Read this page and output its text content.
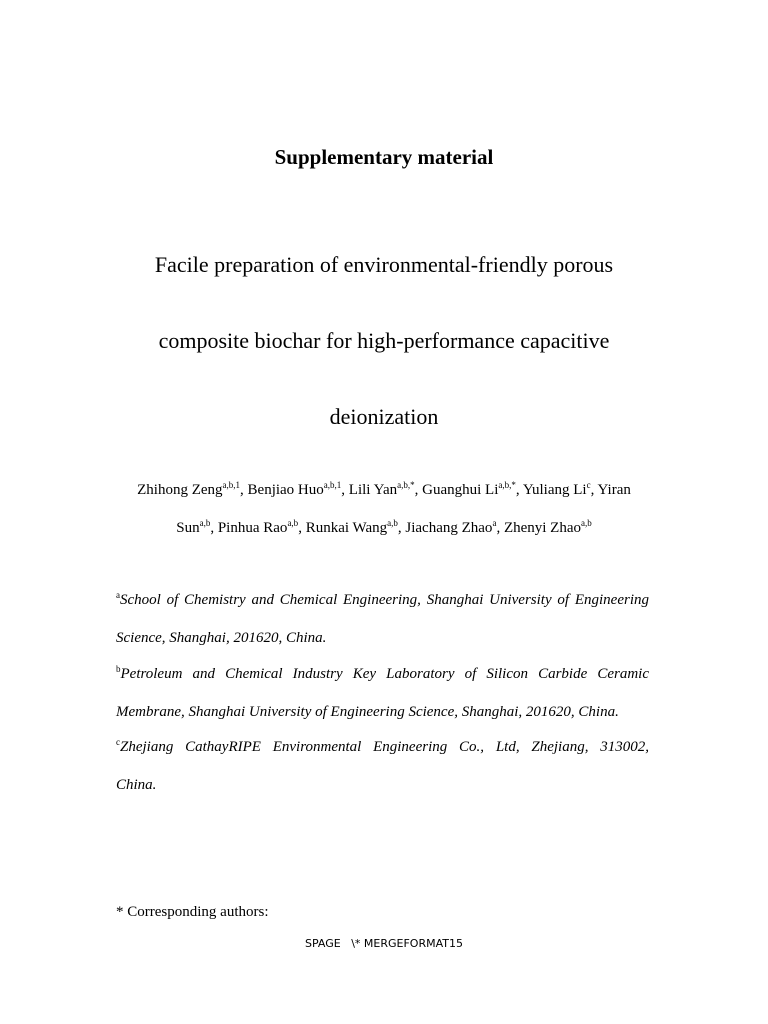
Supplementary material

Facile preparation of environmental-friendly porous

composite biochar for high-performance capacitive

deionization

Zhihong Zeng$^{a,b,1}$, Benjiao Huo$^{a,b,1}$, Lili Yan$^{a,b,*}$, Guanghui $Li^{a,b,*}$, Yuliang Li$^c$, Yiran

Sun$^{a,b}$, Pinhua Rao$^{a,b}$, Runkai Wang$^{a,b}$, Jiachang Zhao$^a$, Zhenyi Zhao$^{a,b}$

$^a$School of Chemistry and Chemical Engineering, Shanghai University of Engineering

Science, Shanghai, 201620, China.

$^b$Petroleum and Chemical Industry Key Laboratory of Silicon Carbide Ceramic

Membrane, Shanghai University of Engineering Science, Shanghai, 201620, China.

$^c$Zhejiang CathayRIPE Environmental Engineering Co., Ltd, Zhejiang, 313002,

China.

* Corresponding authors:

SPAGE   \* MERGEFORMAT15
